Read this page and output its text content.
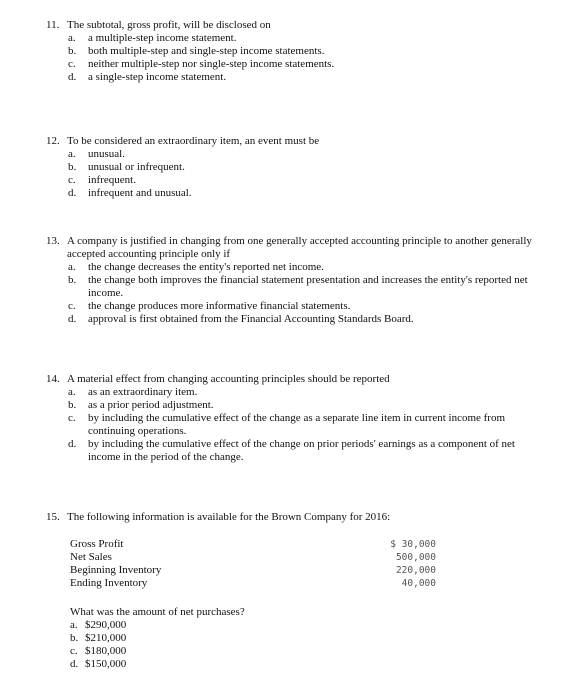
11. The subtotal, gross profit, will be disclosed on
a. a multiple-step income statement.
b. both multiple-step and single-step income statements.
c. neither multiple-step nor single-step income statements.
d. a single-step income statement.
12. To be considered an extraordinary item, an event must be
a. unusual.
b. unusual or infrequent.
c. infrequent.
d. infrequent and unusual.
13. A company is justified in changing from one generally accepted accounting principle to another generally accepted accounting principle only if
a. the change decreases the entity's reported net income.
b. the change both improves the financial statement presentation and increases the entity's reported net income.
c. the change produces more informative financial statements.
d. approval is first obtained from the Financial Accounting Standards Board.
14. A material effect from changing accounting principles should be reported
a. as an extraordinary item.
b. as a prior period adjustment.
c. by including the cumulative effect of the change as a separate line item in current income from continuing operations.
d. by including the cumulative effect of the change on prior periods' earnings as a component of net income in the period of the change.
15. The following information is available for the Brown Company for 2016:
Gross Profit	$ 30,000
Net Sales	500,000
Beginning Inventory	220,000
Ending Inventory	40,000
What was the amount of net purchases?
a. $290,000
b. $210,000
c. $180,000
d. $150,000
